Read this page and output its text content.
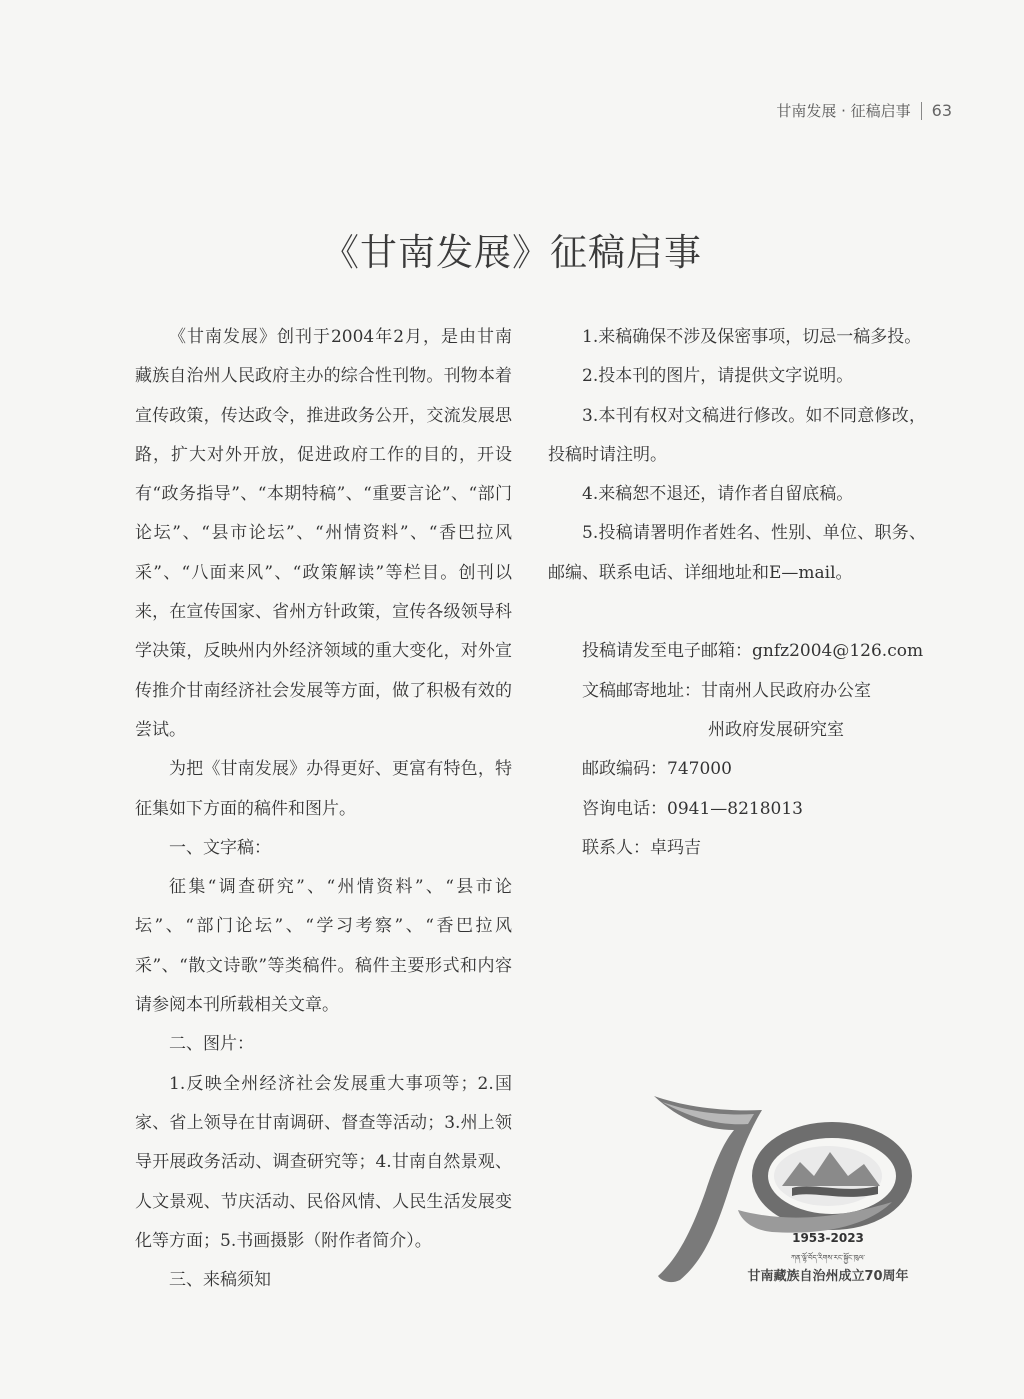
甘南发展 · 征稿启事 63
《甘南发展》征稿启事

《甘南发展》创刊于2004年2月，是由甘南藏族自治州人民政府主办的综合性刊物。刊物本着宣传政策，传达政令，推进政务公开，交流发展思路，扩大对外开放，促进政府工作的目的，开设有“政务指导”、“本期特稿”、“重要言论”、“部门论坛”、“县市论坛”、“州情资料”、“香巴拉风采”、“八面来风”、“政策解读”等栏目。创刊以来，在宣传国家、省州方针政策，宣传各级领导科学决策，反映州内外经济领域的重大变化，对外宣传推介甘南经济社会发展等方面，做了积极有效的尝试。

为把《甘南发展》办得更好、更富有特色，特征集如下方面的稿件和图片。

一、文字稿：

征集“调查研究”、“州情资料”、“县市论坛”、“部门论坛”、“学习考察”、“香巴拉风采”、“散文诗歌”等类稿件。稿件主要形式和内容请参阅本刊所载相关文章。

二、图片：

1.反映全州经济社会发展重大事项等；2.国家、省上领导在甘南调研、督查等活动；3.州上领导开展政务活动、调查研究等；4.甘南自然景观、人文景观、节庆活动、民俗风情、人民生活发展变化等方面；5.书画摄影（附作者简介）。

三、来稿须知

1.来稿确保不涉及保密事项，切忌一稿多投。

2.投本刊的图片，请提供文字说明。

3.本刊有权对文稿进行修改。如不同意修改，投稿时请注明。

4.来稿恕不退还，请作者自留底稿。

5.投稿请署明作者姓名、性别、单位、职务、邮编、联系电话、详细地址和E—mail。

投稿请发至电子邮箱：gnfz2004@126.com

文稿邮寄地址：甘南州人民政府办公室

州政府发展研究室

邮政编码：747000

咨询电话：0941—8218013

联系人：卓玛吉

1953-2023
ཀན་ལྷོ་བོད་རིགས་རང་སྐྱོང་ཁུལ་
甘南藏族自治州成立70周年
